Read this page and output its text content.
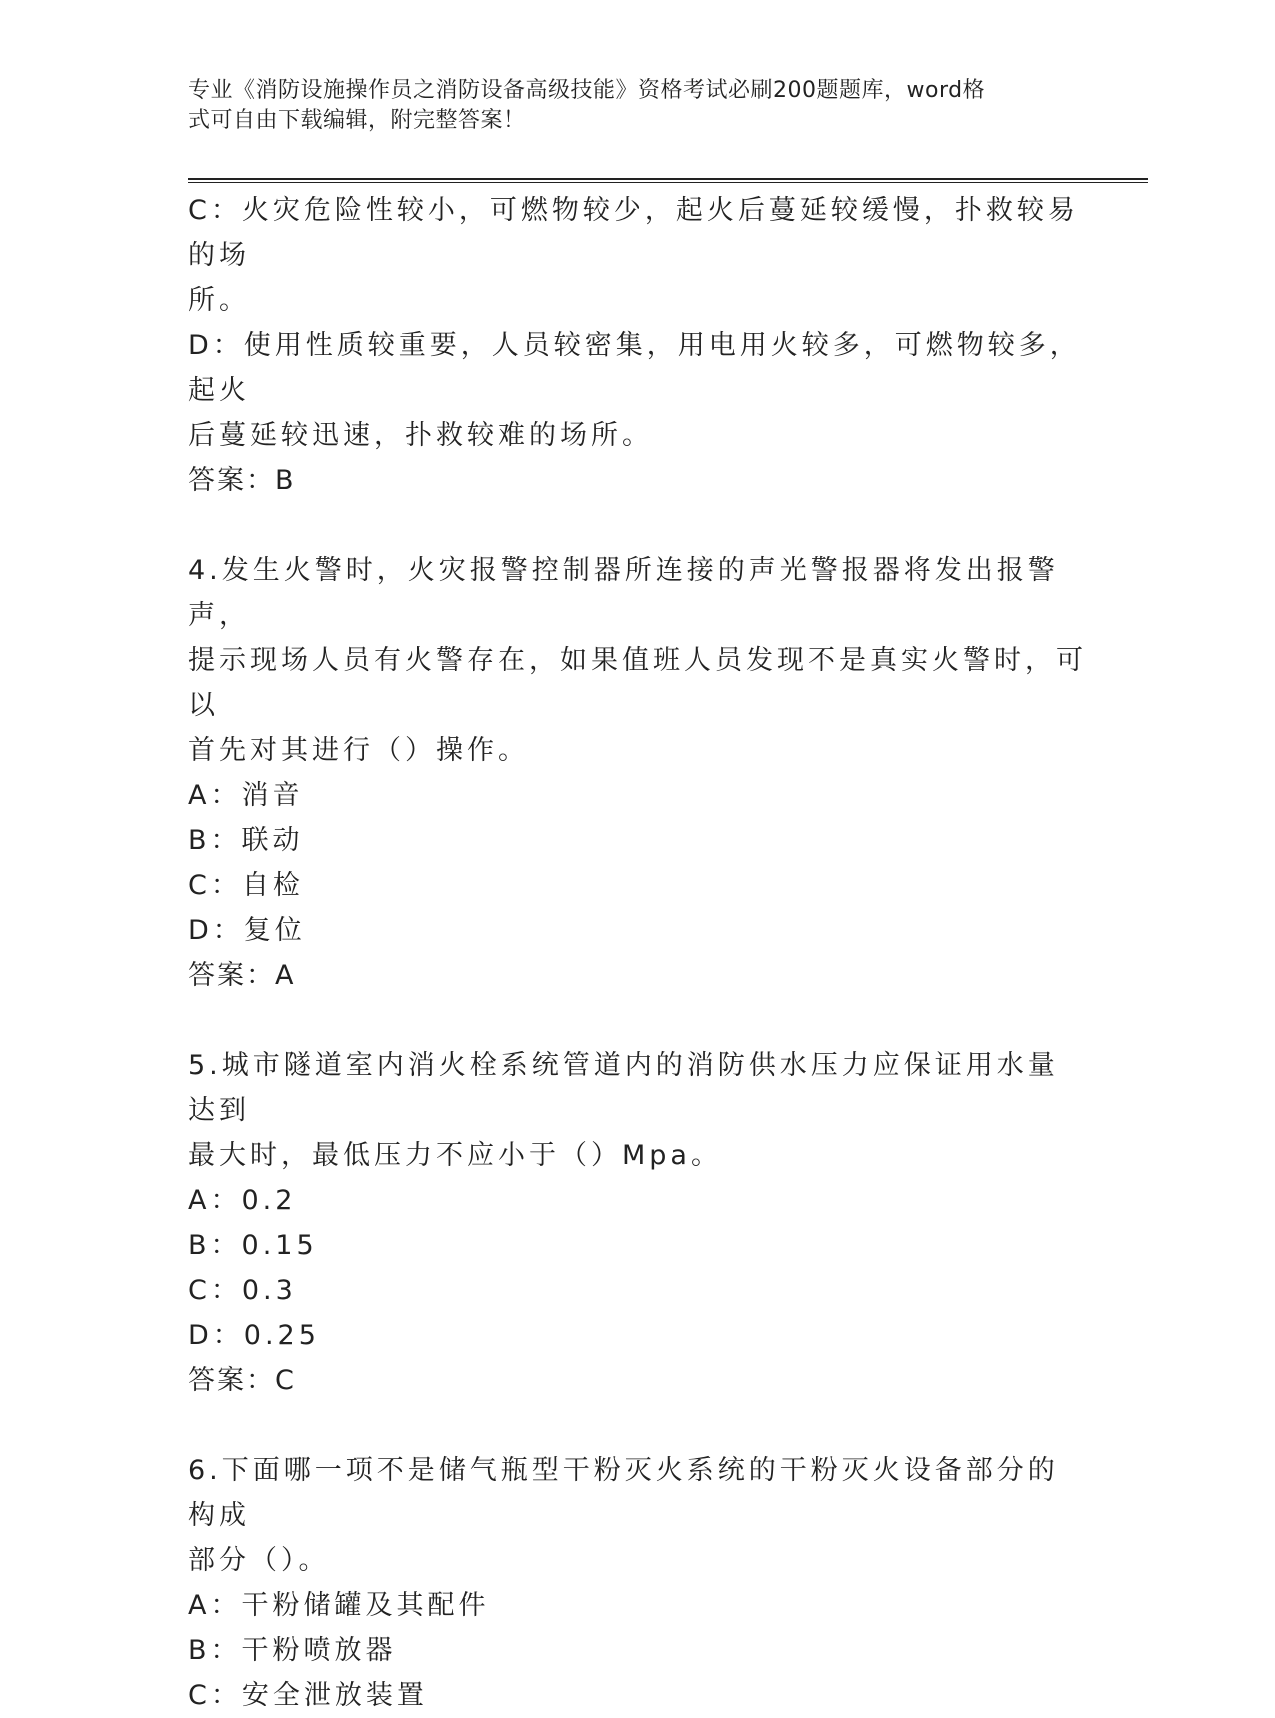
专业《消防设施操作员之消防设备高级技能》资格考试必刷200题题库，word格
式可自由下载编辑，附完整答案！
C：火灾危险性较小，可燃物较少，起火后蔓延较缓慢，扑救较易的场
所。
D：使用性质较重要，人员较密集，用电用火较多，可燃物较多，起火
后蔓延较迅速，扑救较难的场所。
答案：B
4.发生火警时，火灾报警控制器所连接的声光警报器将发出报警声，
提示现场人员有火警存在，如果值班人员发现不是真实火警时，可以
首先对其进行（）操作。
A：消音
B：联动
C：自检
D：复位
答案：A
5.城市隧道室内消火栓系统管道内的消防供水压力应保证用水量达到
最大时，最低压力不应小于（）Mpa。
A：0.2
B：0.15
C：0.3
D：0.25
答案：C
6.下面哪一项不是储气瓶型干粉灭火系统的干粉灭火设备部分的构成
部分（）。
A：干粉储罐及其配件
B：干粉喷放器
C：安全泄放装置
